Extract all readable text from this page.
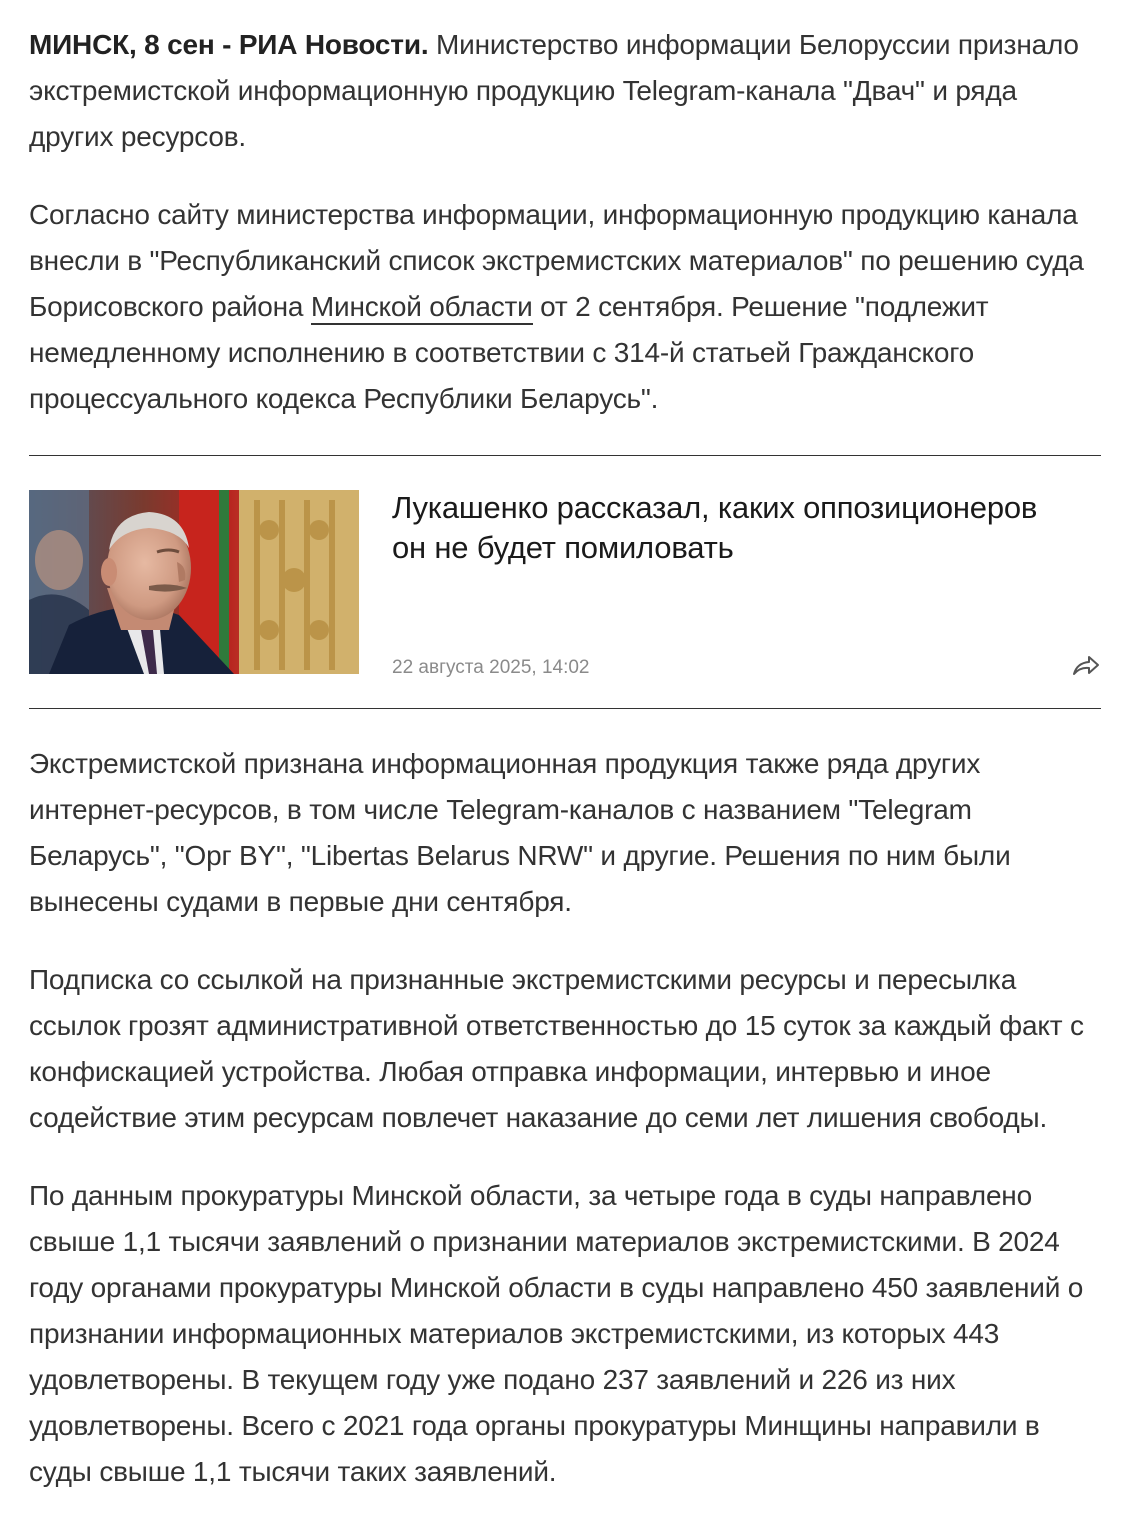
МИНСК, 8 сен - РИА Новости. Министерство информации Белоруссии признало экстремистской информационную продукцию Telegram-канала "Двач" и ряда других ресурсов.

Согласно сайту министерства информации, информационную продукцию канала внесли в "Республиканский список экстремистских материалов" по решению суда Борисовского района Минской области от 2 сентября. Решение "подлежит немедленному исполнению в соответствии с 314-й статьей Гражданского процессуального кодекса Республики Беларусь".

Лукашенко рассказал, каких оппозиционеров он не будет помиловать
22 августа 2025, 14:02

Экстремистской признана информационная продукция также ряда других интернет-ресурсов, в том числе Telegram-каналов с названием "Telegram Беларусь", "Орг BY", "Libertas Belarus NRW" и другие. Решения по ним были вынесены судами в первые дни сентября.

Подписка со ссылкой на признанные экстремистскими ресурсы и пересылка ссылок грозят административной ответственностью до 15 суток за каждый факт с конфискацией устройства. Любая отправка информации, интервью и иное содействие этим ресурсам повлечет наказание до семи лет лишения свободы.

По данным прокуратуры Минской области, за четыре года в суды направлено свыше 1,1 тысячи заявлений о признании материалов экстремистскими. В 2024 году органами прокуратуры Минской области в суды направлено 450 заявлений о признании информационных материалов экстремистскими, из которых 443 удовлетворены. В текущем году уже подано 237 заявлений и 226 из них удовлетворены. Всего с 2021 года органы прокуратуры Минщины направили в суды свыше 1,1 тысячи таких заявлений.
